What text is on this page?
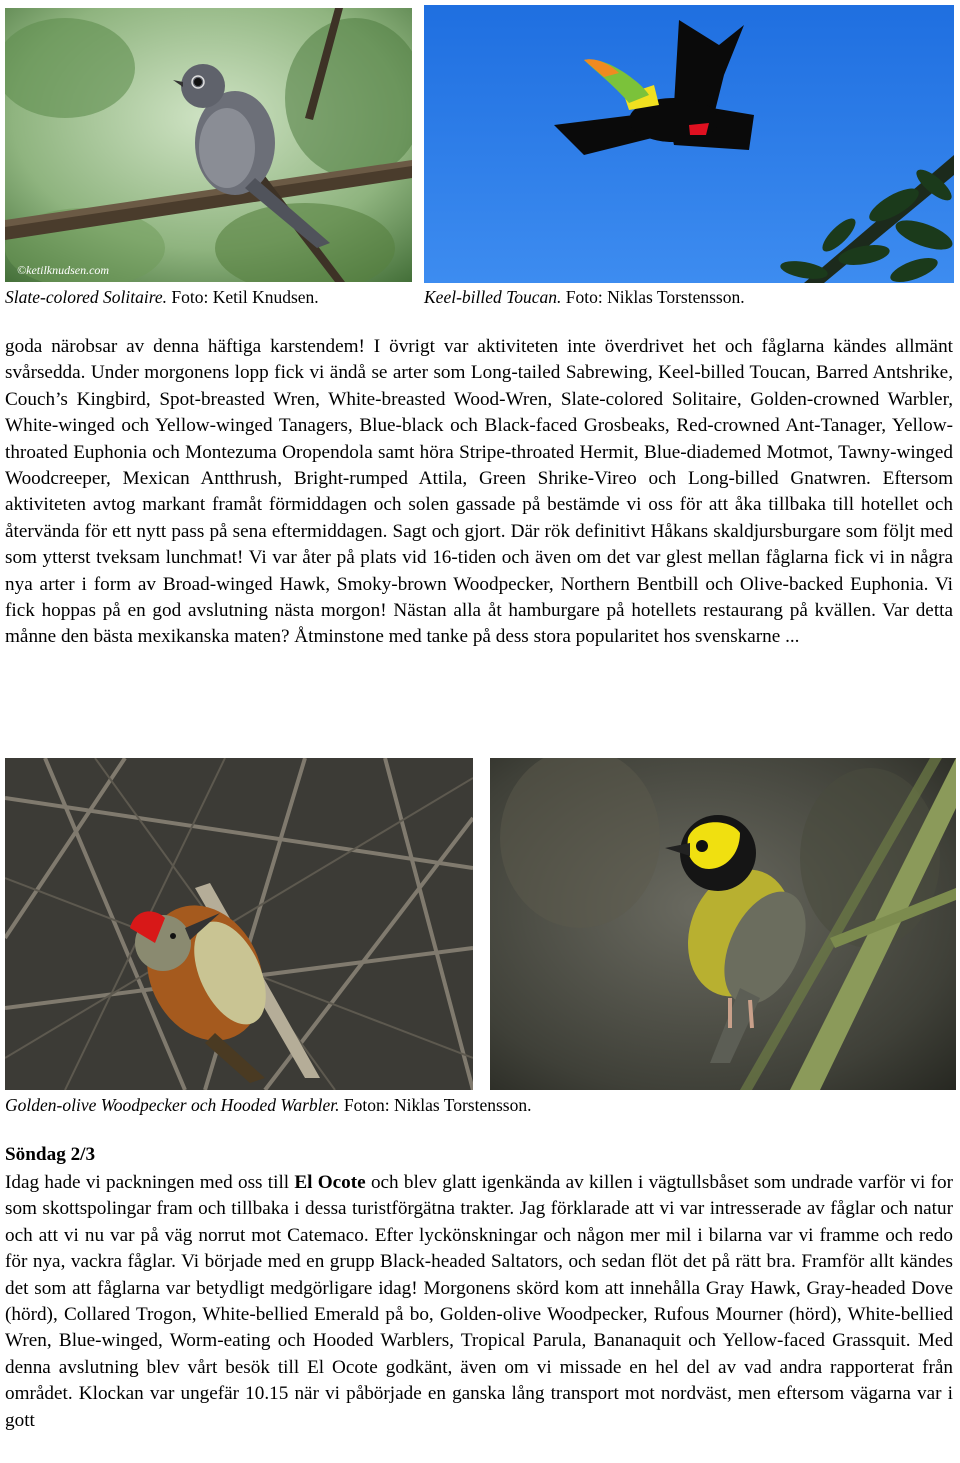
©ketilknudsen.com
Slate-colored Solitaire. Foto: Ketil Knudsen.	Keel-billed Toucan. Foto: Niklas Torstensson.

goda närobsar av denna häftiga karstendem! I övrigt var aktiviteten inte överdrivet het och fåglarna kändes allmänt svårsedda. Under morgonens lopp fick vi ändå se arter som Long-tailed Sabrewing, Keel-billed Toucan, Barred Antshrike, Couch’s Kingbird, Spot-breasted Wren, White-breasted Wood-Wren, Slate-colored Solitaire, Golden-crowned Warbler, White-winged och Yellow-winged Tanagers, Blue-black och Black-faced Grosbeaks, Red-crowned Ant-Tanager, Yellow-throated Euphonia och Montezuma Oropendola samt höra Stripe-throated Hermit, Blue-diademed Motmot, Tawny-winged Woodcreeper, Mexican Antthrush, Bright-rumped Attila, Green Shrike-Vireo och Long-billed Gnatwren. Eftersom aktiviteten avtog markant framåt förmiddagen och solen gassade på bestämde vi oss för att åka tillbaka till hotellet och återvända för ett nytt pass på sena eftermiddagen. Sagt och gjort. Där rök definitivt Håkans skaldjursburgare som följt med som ytterst tveksam lunchmat! Vi var åter på plats vid 16-tiden och även om det var glest mellan fåglarna fick vi in några nya arter i form av Broad-winged Hawk, Smoky-brown Woodpecker, Northern Bentbill och Olive-backed Euphonia. Vi fick hoppas på en god avslutning nästa morgon! Nästan alla åt hamburgare på hotellets restaurang på kvällen. Var detta månne den bästa mexikanska maten? Åtminstone med tanke på dess stora popularitet hos svenskarne ...

Golden-olive Woodpecker och Hooded Warbler. Foton: Niklas Torstensson.

Söndag 2/3

Idag hade vi packningen med oss till El Ocote och blev glatt igenkända av killen i vägtullsbåset som undrade varför vi for som skottspolingar fram och tillbaka i dessa turistförgätna trakter. Jag förklarade att vi var intresserade av fåglar och natur och att vi nu var på väg norrut mot Catemaco. Efter lyckönskningar och någon mer mil i bilarna var vi framme och redo för nya, vackra fåglar. Vi började med en grupp Black-headed Saltators, och sedan flöt det på rätt bra. Framför allt kändes det som att fåglarna var betydligt medgörligare idag! Morgonens skörd kom att innehålla Gray Hawk, Gray-headed Dove (hörd), Collared Trogon, White-bellied Emerald på bo, Golden-olive Woodpecker, Rufous Mourner (hörd), White-bellied Wren, Blue-winged, Worm-eating och Hooded Warblers, Tropical Parula, Bananaquit och Yellow-faced Grassquit. Med denna avslutning blev vårt besök till El Ocote godkänt, även om vi missade en hel del av vad andra rapporterat från området. Klockan var ungefär 10.15 när vi påbörjade en ganska lång transport mot nordväst, men eftersom vägarna var i gott
